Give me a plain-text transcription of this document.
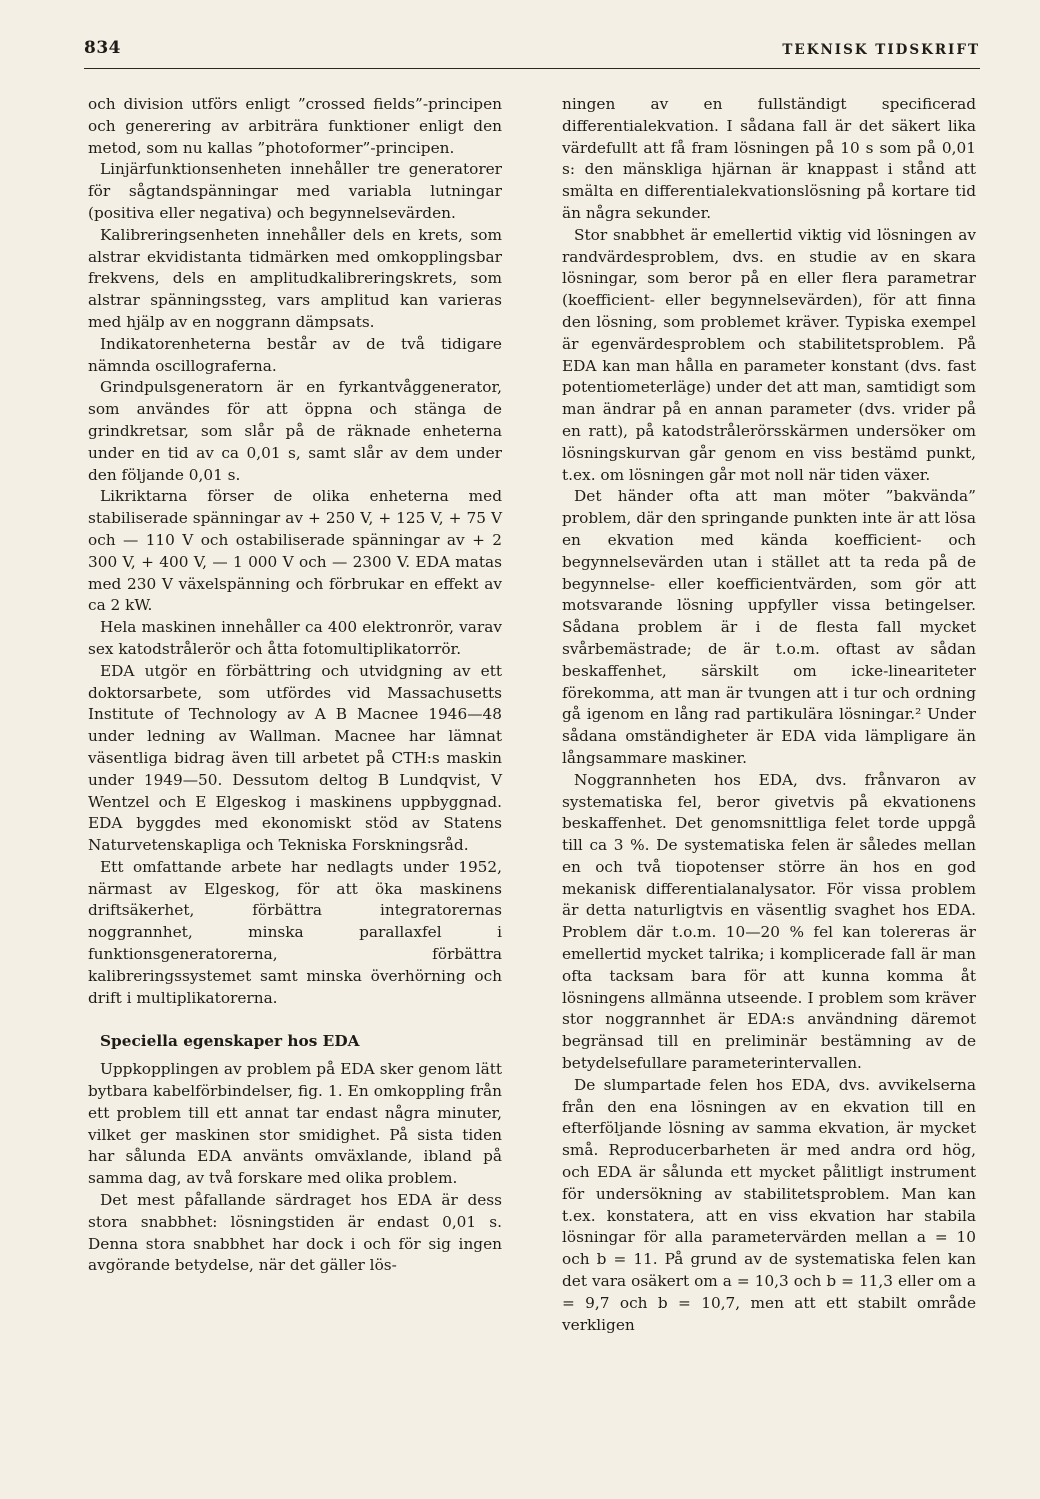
834	TEKNISK TIDSKRIFT

och division utförs enligt ”crossed fields”-principen och generering av arbiträra funktioner enligt den metod, som nu kallas ”photoformer”-principen.

Linjärfunktionsenheten innehåller tre generatorer för sågtandspänningar med variabla lutningar (positiva eller negativa) och begynnelsevärden.

Kalibreringsenheten innehåller dels en krets, som alstrar ekvidistanta tidmärken med omkopplingsbar frekvens, dels en amplitudkalibreringskrets, som alstrar spänningssteg, vars amplitud kan varieras med hjälp av en noggrann dämpsats.

Indikatorenheterna består av de två tidigare nämnda oscillograferna.

Grindpulsgeneratorn är en fyrkantvåggenerator, som användes för att öppna och stänga de grindkretsar, som slår på de räknade enheterna under en tid av ca 0,01 s, samt slår av dem under den följande 0,01 s.

Likriktarna förser de olika enheterna med stabiliserade spänningar av + 250 V, + 125 V, + 75 V och — 110 V och ostabiliserade spänningar av + 2 300 V, + 400 V, — 1 000 V och — 2300 V. EDA matas med 230 V växelspänning och förbrukar en effekt av ca 2 kW.

Hela maskinen innehåller ca 400 elektronrör, varav sex katodstrålerör och åtta fotomultiplikatorrör.

EDA utgör en förbättring och utvidgning av ett doktorsarbete, som utfördes vid Massachusetts Institute of Technology av A B Macnee 1946—48 under ledning av Wallman. Macnee har lämnat väsentliga bidrag även till arbetet på CTH:s maskin under 1949—50. Dessutom deltog B Lundqvist, V Wentzel och E Elgeskog i maskinens uppbyggnad. EDA byggdes med ekonomiskt stöd av Statens Naturvetenskapliga och Tekniska Forskningsråd.

Ett omfattande arbete har nedlagts under 1952, närmast av Elgeskog, för att öka maskinens driftsäkerhet, förbättra integratorernas noggrannhet, minska parallaxfel i funktionsgeneratorerna, förbättra kalibreringssystemet samt minska överhörning och drift i multiplikatorerna.

Speciella egenskaper hos EDA

Uppkopplingen av problem på EDA sker genom lätt bytbara kabelförbindelser, fig. 1. En omkoppling från ett problem till ett annat tar endast några minuter, vilket ger maskinen stor smidighet. På sista tiden har sålunda EDA använts omväxlande, ibland på samma dag, av två forskare med olika problem.

Det mest påfallande särdraget hos EDA är dess stora snabbhet: lösningstiden är endast 0,01 s. Denna stora snabbhet har dock i och för sig ingen avgörande betydelse, när det gäller lös-

ningen av en fullständigt specificerad differentialekvation. I sådana fall är det säkert lika värdefullt att få fram lösningen på 10 s som på 0,01 s: den mänskliga hjärnan är knappast i stånd att smälta en differentialekvationslösning på kortare tid än några sekunder.

Stor snabbhet är emellertid viktig vid lösningen av randvärdesproblem, dvs. en studie av en skara lösningar, som beror på en eller flera parametrar (koefficient- eller begynnelsevärden), för att finna den lösning, som problemet kräver. Typiska exempel är egenvärdesproblem och stabilitetsproblem. På EDA kan man hålla en parameter konstant (dvs. fast potentiometerläge) under det att man, samtidigt som man ändrar på en annan parameter (dvs. vrider på en ratt), på katodstrålerörsskärmen undersöker om lösningskurvan går genom en viss bestämd punkt, t.ex. om lösningen går mot noll när tiden växer.

Det händer ofta att man möter ”bakvända” problem, där den springande punkten inte är att lösa en ekvation med kända koefficient- och begynnelsevärden utan i stället att ta reda på de begynnelse- eller koefficientvärden, som gör att motsvarande lösning uppfyller vissa betingelser. Sådana problem är i de flesta fall mycket svårbemästrade; de är t.o.m. oftast av sådan beskaffenhet, särskilt om icke-lineariteter förekomma, att man är tvungen att i tur och ordning gå igenom en lång rad partikulära lösningar.² Under sådana omständigheter är EDA vida lämpligare än långsammare maskiner.

Noggrannheten hos EDA, dvs. frånvaron av systematiska fel, beror givetvis på ekvationens beskaffenhet. Det genomsnittliga felet torde uppgå till ca 3 %. De systematiska felen är således mellan en och två tiopotenser större än hos en god mekanisk differentialanalysator. För vissa problem är detta naturligtvis en väsentlig svaghet hos EDA. Problem där t.o.m. 10—20 % fel kan tolereras är emellertid mycket talrika; i komplicerade fall är man ofta tacksam bara för att kunna komma åt lösningens allmänna utseende. I problem som kräver stor noggrannhet är EDA:s användning däremot begränsad till en preliminär bestämning av de betydelsefullare parameterintervallen.

De slumpartade felen hos EDA, dvs. avvikelserna från den ena lösningen av en ekvation till en efterföljande lösning av samma ekvation, är mycket små. Reproducerbarheten är med andra ord hög, och EDA är sålunda ett mycket pålitligt instrument för undersökning av stabilitetsproblem. Man kan t.ex. konstatera, att en viss ekvation har stabila lösningar för alla parametervärden mellan a = 10 och b = 11. På grund av de systematiska felen kan det vara osäkert om a = 10,3 och b = 11,3 eller om a = 9,7 och b = 10,7, men att ett stabilt område verkligen
